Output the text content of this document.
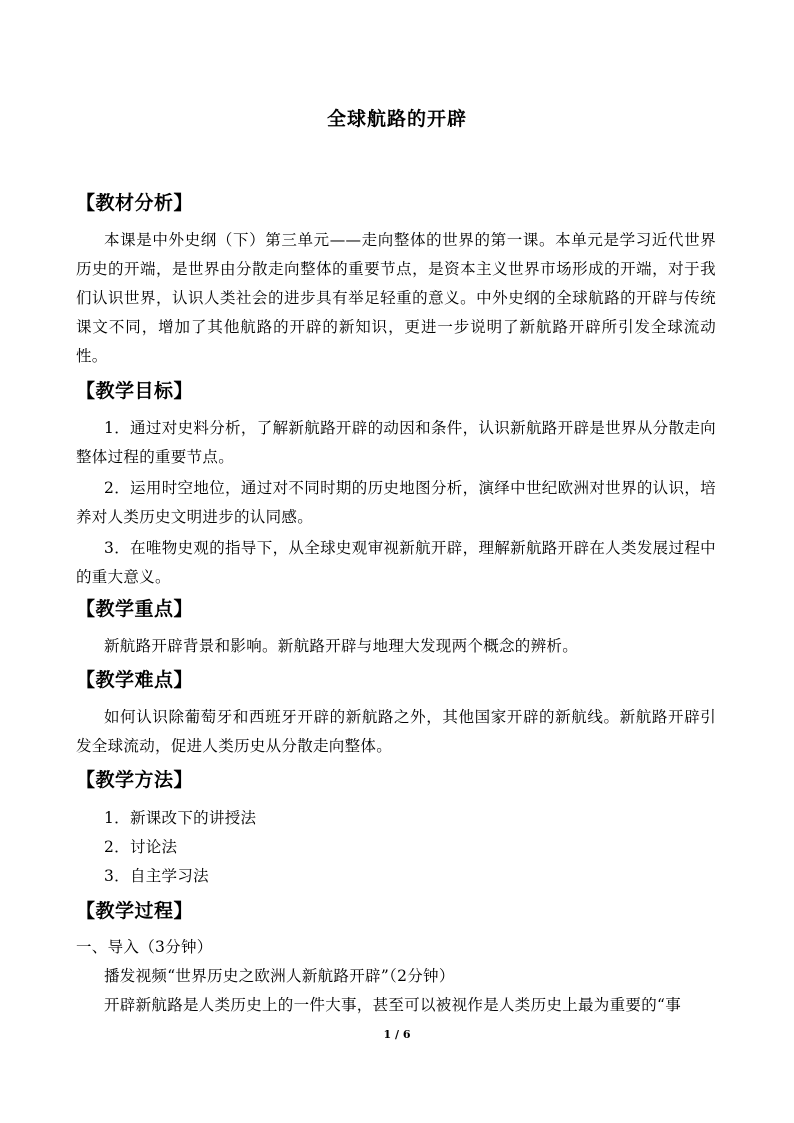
全球航路的开辟
【教材分析】
本课是中外史纲（下）第三单元——走向整体的世界的第一课。本单元是学习近代世界历史的开端，是世界由分散走向整体的重要节点，是资本主义世界市场形成的开端，对于我们认识世界，认识人类社会的进步具有举足轻重的意义。中外史纲的全球航路的开辟与传统课文不同，增加了其他航路的开辟的新知识，更进一步说明了新航路开辟所引发全球流动性。
【教学目标】
1．通过对史料分析，了解新航路开辟的动因和条件，认识新航路开辟是世界从分散走向整体过程的重要节点。
2．运用时空地位，通过对不同时期的历史地图分析，演绎中世纪欧洲对世界的认识，培养对人类历史文明进步的认同感。
3．在唯物史观的指导下，从全球史观审视新航开辟，理解新航路开辟在人类发展过程中的重大意义。
【教学重点】
新航路开辟背景和影响。新航路开辟与地理大发现两个概念的辨析。
【教学难点】
如何认识除葡萄牙和西班牙开辟的新航路之外，其他国家开辟的新航线。新航路开辟引发全球流动，促进人类历史从分散走向整体。
【教学方法】
1．新课改下的讲授法
2．讨论法
3．自主学习法
【教学过程】
一、导入（3分钟）
播发视频“世界历史之欧洲人新航路开辟”（2分钟）
开辟新航路是人类历史上的一件大事，甚至可以被视作是人类历史上最为重要的“事
1 / 6
